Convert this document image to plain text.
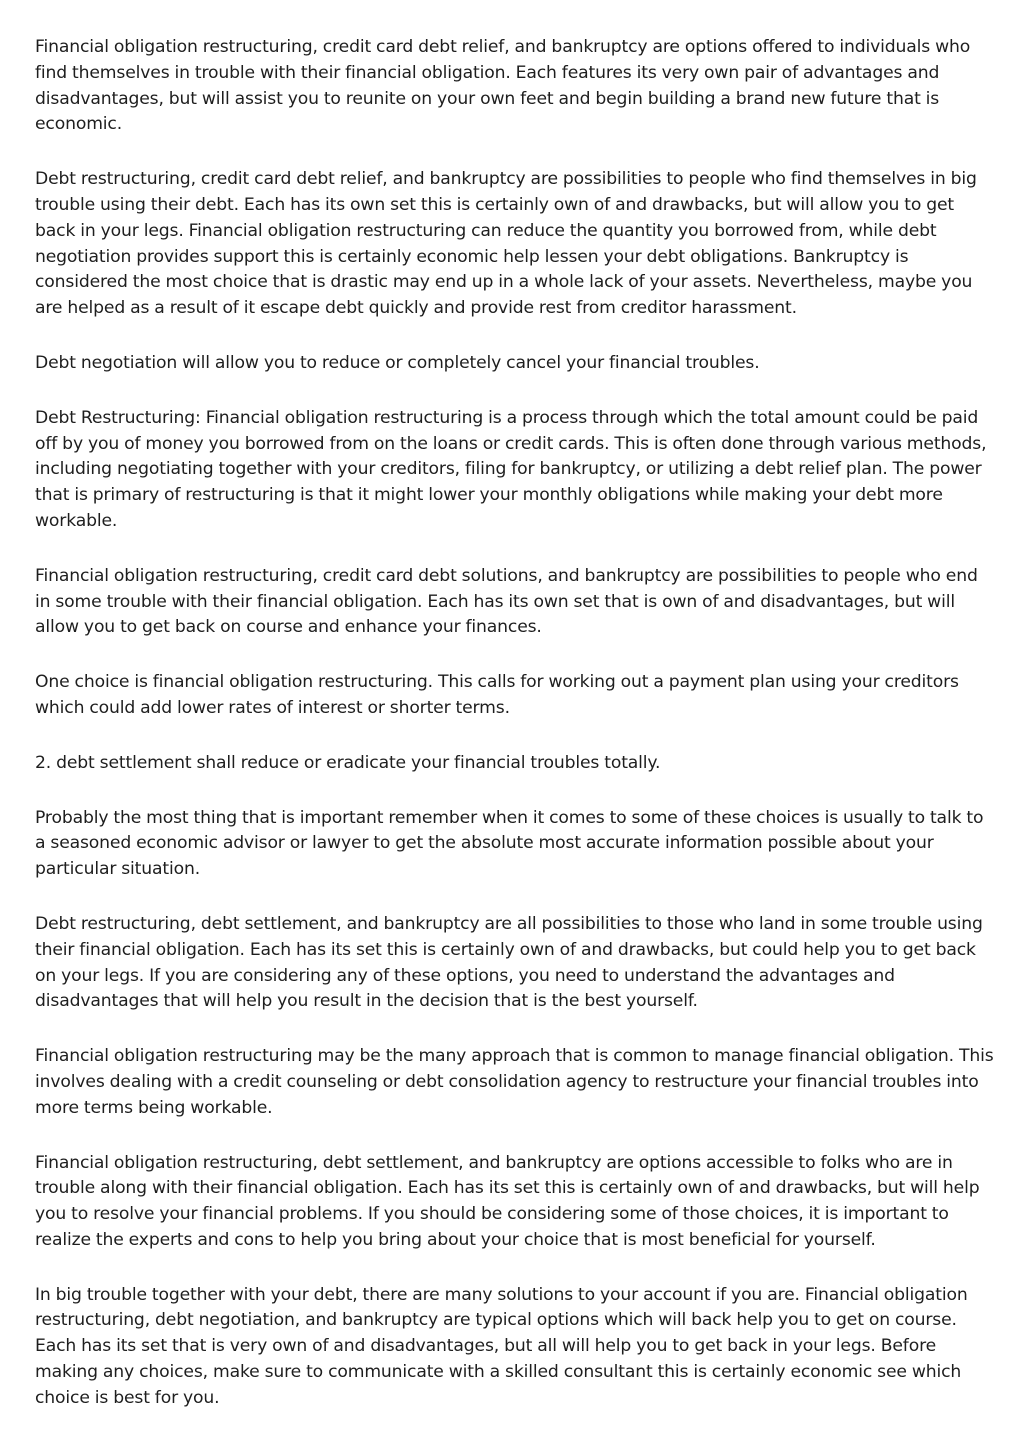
Financial obligation restructuring, credit card debt relief, and bankruptcy are options offered to individuals who find themselves in trouble with their financial obligation. Each features its very own pair of advantages and disadvantages, but will assist you to reunite on your own feet and begin building a brand new future that is economic.

Debt restructuring, credit card debt relief, and bankruptcy are possibilities to people who find themselves in big trouble using their debt. Each has its own set this is certainly own of and drawbacks, but will allow you to get back in your legs. Financial obligation restructuring can reduce the quantity you borrowed from, while debt negotiation provides support this is certainly economic help lessen your debt obligations. Bankruptcy is considered the most choice that is drastic may end up in a whole lack of your assets. Nevertheless, maybe you are helped as a result of it escape debt quickly and provide rest from creditor harassment.

Debt negotiation will allow you to reduce or completely cancel your financial troubles.

Debt Restructuring: Financial obligation restructuring is a process through which the total amount could be paid off by you of money you borrowed from on the loans or credit cards. This is often done through various methods, including negotiating together with your creditors, filing for bankruptcy, or utilizing a debt relief plan. The power that is primary of restructuring is that it might lower your monthly obligations while making your debt more workable.

Financial obligation restructuring, credit card debt solutions, and bankruptcy are possibilities to people who end in some trouble with their financial obligation. Each has its own set that is own of and disadvantages, but will allow you to get back on course and enhance your finances.

One choice is financial obligation restructuring. This calls for working out a payment plan using your creditors which could add lower rates of interest or shorter terms.

2. debt settlement shall reduce or eradicate your financial troubles totally.

Probably the most thing that is important remember when it comes to some of these choices is usually to talk to a seasoned economic advisor or lawyer to get the absolute most accurate information possible about your particular situation.

Debt restructuring, debt settlement, and bankruptcy are all possibilities to those who land in some trouble using their financial obligation. Each has its set this is certainly own of and drawbacks, but could help you to get back on your legs. If you are considering any of these options, you need to understand the advantages and disadvantages that will help you result in the decision that is the best yourself.

Financial obligation restructuring may be the many approach that is common to manage financial obligation. This involves dealing with a credit counseling or debt consolidation agency to restructure your financial troubles into more terms being workable.

Financial obligation restructuring, debt settlement, and bankruptcy are options accessible to folks who are in trouble along with their financial obligation. Each has its set this is certainly own of and drawbacks, but will help you to resolve your financial problems. If you should be considering some of those choices, it is important to realize the experts and cons to help you bring about your choice that is most beneficial for yourself.

In big trouble together with your debt, there are many solutions to your account if you are. Financial obligation restructuring, debt negotiation, and bankruptcy are typical options which will back help you to get on course. Each has its set that is very own of and disadvantages, but all will help you to get back in your legs. Before making any choices, make sure to communicate with a skilled consultant this is certainly economic see which choice is best for you.
